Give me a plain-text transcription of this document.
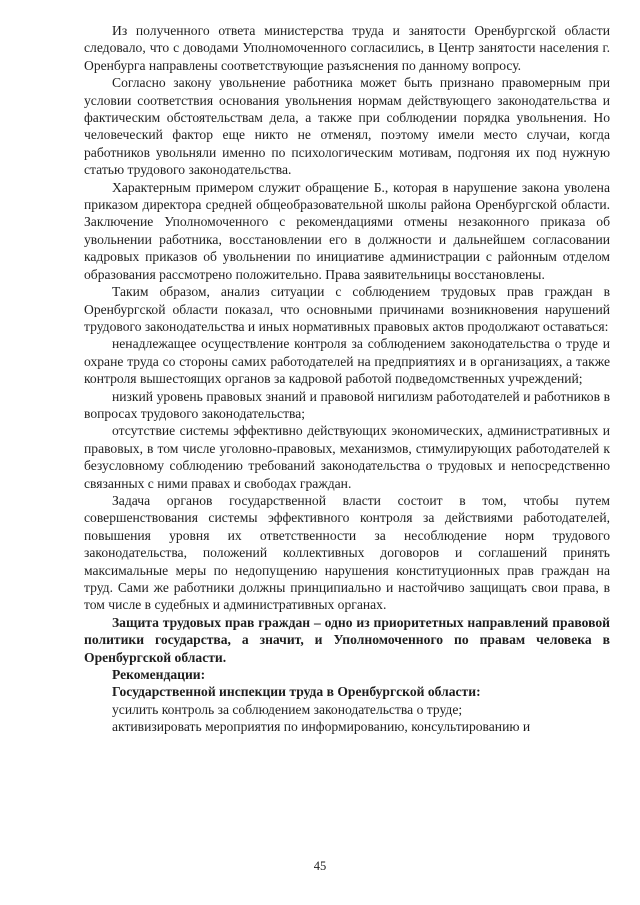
Из полученного ответа министерства труда и занятости Оренбургской области следовало, что с доводами Уполномоченного согласились, в Центр занятости населения г. Оренбурга направлены соответствующие разъяснения по данному вопросу.

Согласно закону увольнение работника может быть признано правомерным при условии соответствия основания увольнения нормам действующего законодательства и фактическим обстоятельствам дела, а также при соблюдении порядка увольнения. Но человеческий фактор еще никто не отменял, поэтому имели место случаи, когда работников увольняли именно по психологическим мотивам, подгоняя их под нужную статью трудового законодательства.

Характерным примером служит обращение Б., которая в нарушение закона уволена приказом директора средней общеобразовательной школы района Оренбургской области. Заключение Уполномоченного с рекомендациями отмены незаконного приказа об увольнении работника, восстановлении его в должности и дальнейшем согласовании кадровых приказов об увольнении по инициативе администрации с районным отделом образования рассмотрено положительно. Права заявительницы восстановлены.

Таким образом, анализ ситуации с соблюдением трудовых прав граждан в Оренбургской области показал, что основными причинами возникновения нарушений трудового законодательства и иных нормативных правовых актов продолжают оставаться:

ненадлежащее осуществление контроля за соблюдением законодательства о труде и охране труда со стороны самих работодателей на предприятиях и в организациях, а также контроля вышестоящих органов за кадровой работой подведомственных учреждений;

низкий уровень правовых знаний и правовой нигилизм работодателей и работников в вопросах трудового законодательства;

отсутствие системы эффективно действующих экономических, административных и правовых, в том числе уголовно-правовых, механизмов, стимулирующих работодателей к безусловному соблюдению требований законодательства о трудовых и непосредственно связанных с ними правах и свободах граждан.

Задача органов государственной власти состоит в том, чтобы путем совершенствования системы эффективного контроля за действиями работодателей, повышения уровня их ответственности за несоблюдение норм трудового законодательства, положений коллективных договоров и соглашений принять максимальные меры по недопущению нарушения конституционных прав граждан на труд. Сами же работники должны принципиально и настойчиво защищать свои права, в том числе в судебных и административных органах.

Защита трудовых прав граждан – одно из приоритетных направлений правовой политики государства, а значит, и Уполномоченного по правам человека в Оренбургской области.

Рекомендации:

Государственной инспекции труда в Оренбургской области:

усилить контроль за соблюдением законодательства о труде;

активизировать мероприятия по информированию, консультированию и

45
